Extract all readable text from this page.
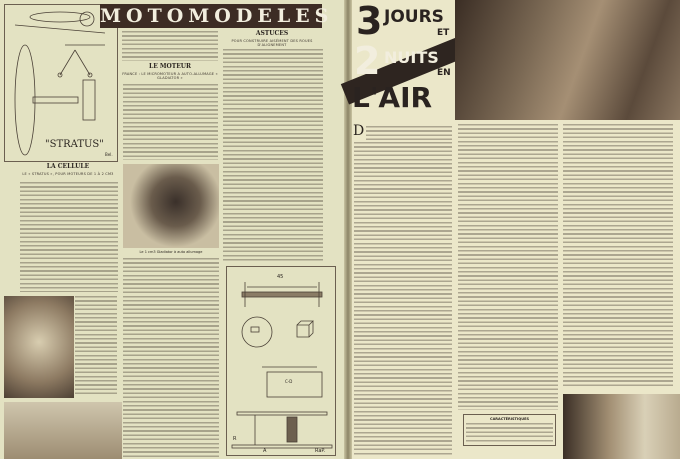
"STRATUS"
Bel.
MOTOMODELES
LA CELLULE
LE « STRATUS », POUR MOTEURS DE 1 À 2 CM3
LE MOTEUR
FRANCE : LE MICROMOTEUR A AUTO-ALLUMAGE « GLADIATOR »
Le 1 cm3 Gladiator à auto allumage
ASTUCES
POUR CONSTRUIRE AISÉMENT DES ROUES D'ALIGNEMENT
45
C-D
R
A	RaP.
3 JOURS
ET
2 NUITS
EN
L'AIR
D
CARACTÉRISTIQUES
